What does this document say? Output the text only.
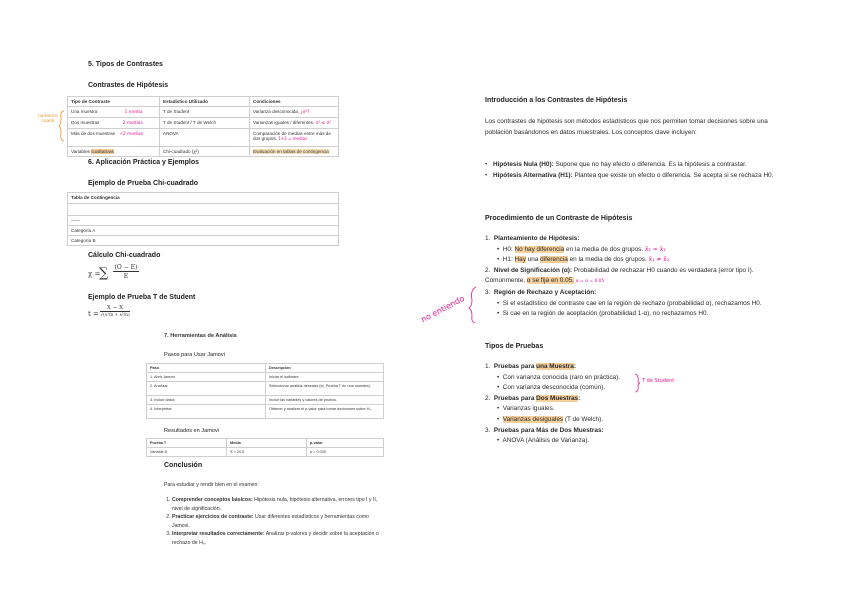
5. Tipos de Contrastes
Contrastes de Hipótesis
numerico cuanti
Tipo de Contraste	Estadístico Utilizado	Condiciones
Una muestra 1 media	T de Student	Varianza desconocida. ¿σ²?
Dos muestras 2 medias	T de Student / T de Welch	Varianzas iguales / diferentes. σ² ≤ σ²
Más de dos muestras +2 medias	ANOVA	Comparación de medias entre más de dos grupos. 1+2 = medias
Variables cualitativas	Chi-cuadrado (χ²)	Evaluación en tablas de contingencia
6. Aplicación Práctica y Ejemplos
Ejemplo de Prueba Chi-cuadrado
Tabla de Contingencia

------
Categoría A
Categoría B
Cálculo Chi-cuadrado
χ =
∑ (O − E)
E
Ejemplo de Prueba T de Student
t =
X − X
√(s²/n + s²/n)
7. Herramientas de Análisis
Pasos para Usar Jamovi
Paso	Descripción
1. Abrir Jamovi	Iniciar el software.
2. Analizar	Seleccionar análisis deseado (ej. Prueba T en una muestra).
3. Incluir datos	Incluir las variables y valores de prueba.
4. Interpretar	Obtener y analizar el p-valor para tomar decisiones sobre H₀.
Resultados en Jamovi
Prueba T	Media	p-valor
Variable A	X̄ = 20.5	p = 0.030
Conclusión
Para estudiar y rendir bien en el examen:
1. Comprender conceptos básicos: Hipótesis nula, hipótesis alternativa, errores tipo I y II, nivel de significación.
2. Practicar ejercicios de contraste: Usar diferentes estadísticos y herramientas como Jamovi.
3. Interpretar resultados correctamente: Analizar p-valores y decidir sobre la aceptación o rechazo de H₀.
Introducción a los Contrastes de Hipótesis
Los contrastes de hipótesis son métodos estadísticos que nos permiten tomar decisiones sobre una población basándonos en datos muestrales. Los conceptos clave incluyen:
• Hipótesis Nula (H0): Supone que no hay efecto o diferencia. Es la hipótesis a contrastar.
• Hipótesis Alternativa (H1): Plantea que existe un efecto o diferencia. Se acepta si se rechaza H0.
Procedimiento de un Contraste de Hipótesis
1.  Planteamiento de Hipótesis:
•  H0: No hay diferencia en la media de dos grupos. x̄₁ = x̄₂
•  H1: Hay una diferencia en la media de dos grupos. x̄₁ ≠ x̄₂
2.  Nivel de Significación (α): Probabilidad de rechazar H0 cuando es verdadera (error tipo I). Comúnmente, α se fija en 0.05. α = α = 0.05
3.  Región de Rechazo y Aceptación:
•  Si el estadístico de contraste cae en la región de rechazo (probabilidad α), rechazamos H0.
•  Si cae en la región de aceptación (probabilidad 1-α), no rechazamos H0.
no entiendo
Tipos de Pruebas
1.  Pruebas para una Muestra:
•  Con varianza conocida (raro en práctica).
•  Con varianza desconocida (común).
2.  Pruebas para Dos Muestras:
•  Varianzas iguales.
•  Varianzas desiguales (T de Welch).
3.  Pruebas para Más de Dos Muestras:
•  ANOVA (Análisis de Varianza).
T de Student
